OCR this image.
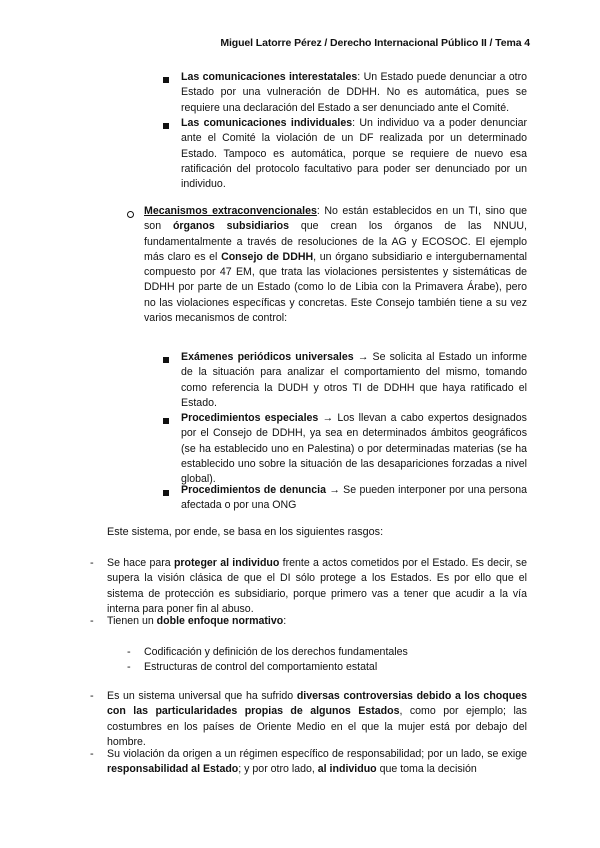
Miguel Latorre Pérez / Derecho Internacional Público II / Tema 4

Las comunicaciones interestatales: Un Estado puede denunciar a otro Estado por una vulneración de DDHH. No es automática, pues se requiere una declaración del Estado a ser denunciado ante el Comité.

Las comunicaciones individuales: Un individuo va a poder denunciar ante el Comité la violación de un DF realizada por un determinado Estado. Tampoco es automática, porque se requiere de nuevo esa ratificación del protocolo facultativo para poder ser denunciado por un individuo.

Mecanismos extraconvencionales: No están establecidos en un TI, sino que son órganos subsidiarios que crean los órganos de las NNUU, fundamentalmente a través de resoluciones de la AG y ECOSOC. El ejemplo más claro es el Consejo de DDHH, un órgano subsidiario e intergubernamental compuesto por 47 EM, que trata las violaciones persistentes y sistemáticas de DDHH por parte de un Estado (como lo de Libia con la Primavera Árabe), pero no las violaciones específicas y concretas. Este Consejo también tiene a su vez varios mecanismos de control:

Exámenes periódicos universales → Se solicita al Estado un informe de la situación para analizar el comportamiento del mismo, tomando como referencia la DUDH y otros TI de DDHH que haya ratificado el Estado.

Procedimientos especiales → Los llevan a cabo expertos designados por el Consejo de DDHH, ya sea en determinados ámbitos geográficos (se ha establecido uno en Palestina) o por determinadas materias (se ha establecido uno sobre la situación de las desapariciones forzadas a nivel global).

Procedimientos de denuncia → Se pueden interponer por una persona afectada o por una ONG

Este sistema, por ende, se basa en los siguientes rasgos:
- Se hace para proteger al individuo frente a actos cometidos por el Estado. Es decir, se supera la visión clásica de que el DI sólo protege a los Estados. Es por ello que el sistema de protección es subsidiario, porque primero vas a tener que acudir a la vía interna para poner fin al abuso.

- Tienen un doble enfoque normativo:

- Codificación y definición de los derechos fundamentales
- Estructuras de control del comportamiento estatal
- Es un sistema universal que ha sufrido diversas controversias debido a los choques con las particularidades propias de algunos Estados, como por ejemplo; las costumbres en los países de Oriente Medio en el que la mujer está por debajo del hombre.

- Su violación da origen a un régimen específico de responsabilidad; por un lado, se exige responsabilidad al Estado; y por otro lado, al individuo que toma la decisión
